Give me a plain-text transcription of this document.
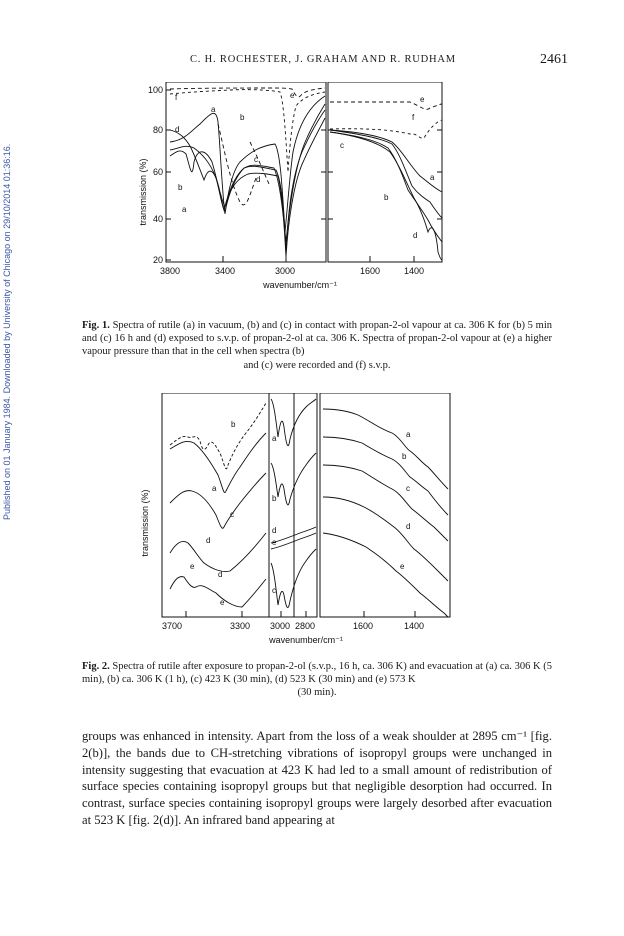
C. H. ROCHESTER, J. GRAHAM AND R. RUDHAM	2461
Published on 01 January 1984. Downloaded by University of Chicago on 29/10/2014 01:36:16.
100
80
60
40
20
3800	3400	3000	1600	1400
wavenumber/cm⁻¹
transmission (%)
a
b
c
d
e
f
d
b
a
e
f
c
a
b
d
Fig. 1. Spectra of rutile (a) in vacuum, (b) and (c) in contact with propan-2-ol vapour at ca. 306 K for (b) 5 min and (c) 16 h and (d) exposed to s.v.p. of propan-2-ol at ca. 306 K. Spectra of propan-2-ol vapour at (e) a higher vapour pressure than that in the cell when spectra (b)
and (c) were recorded and (f) s.v.p.
3700	3300 3000 2800	1600	1400
wavenumber/cm⁻¹
transmission (%)
a
b
c
d
e
d
e
a
b
d
e
c
a
b
c
d
e
Fig. 2. Spectra of rutile after exposure to propan-2-ol (s.v.p., 16 h, ca. 306 K) and evacuation at (a) ca. 306 K (5 min), (b) ca. 306 K (1 h), (c) 423 K (30 min), (d) 523 K (30 min) and (e) 573 K
(30 min).
groups was enhanced in intensity. Apart from the loss of a weak shoulder at 2895 cm⁻¹ [fig. 2(b)], the bands due to CH-stretching vibrations of isopropyl groups were unchanged in intensity suggesting that evacuation at 423 K had led to a small amount of redistribution of surface species containing isopropyl groups but that negligible desorption had occurred. In contrast, surface species containing isopropyl groups were largely desorbed after evacuation at 523 K [fig. 2(d)]. An infrared band appearing at
